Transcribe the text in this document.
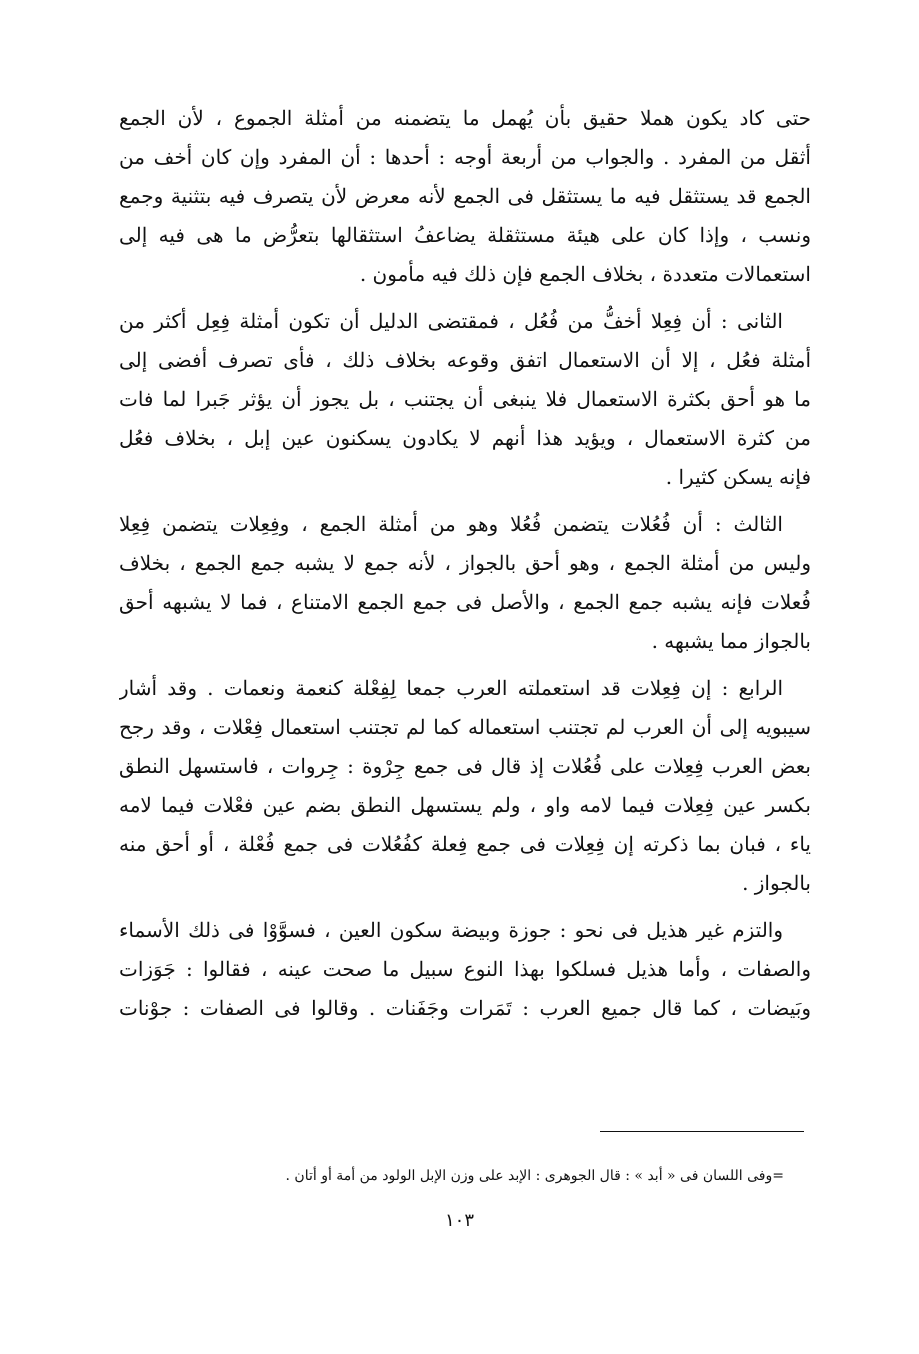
حتى كاد يكون هملا حقيق بأن يُهمل ما يتضمنه من أمثلة الجموع ، لأن الجمع
أثقل من المفرد . والجواب من أربعة أوجه : أحدها : أن المفرد وإن كان أخف من
الجمع قد يستثقل فيه ما يستثقل فى الجمع لأنه معرض لأن يتصرف فيه بتثنية وجمع
ونسب ، وإذا كان على هيئة مستثقلة يضاعفُ استثقالها بتعرُّض ما هى فيه إلى
استعمالات متعددة ، بخلاف الجمع فإن ذلك فيه مأمون .
الثانى : أن فِعِلا أخفُّ من فُعُل ، فمقتضى الدليل أن تكون أمثلة فِعِل أكثر من
أمثلة فعُل ، إلا أن الاستعمال اتفق وقوعه بخلاف ذلك ، فأى تصرف أفضى إلى
ما هو أحق بكثرة الاستعمال فلا ينبغى أن يجتنب ، بل يجوز أن يؤثر جَبرا لما فات
من كثرة الاستعمال ، ويؤيد هذا أنهم لا يكادون يسكنون عين إبل ، بخلاف فعُل
فإنه يسكن كثيرا .
الثالث : أن فُعُلات يتضمن فُعُلا وهو من أمثلة الجمع ، وفِعِلات يتضمن فِعِلا
وليس من أمثلة الجمع ، وهو أحق بالجواز ، لأنه جمع لا يشبه جمع الجمع ، بخلاف
فُعلات فإنه يشبه جمع الجمع ، والأصل فى جمع الجمع الامتناع ، فما لا يشبهه أحق
بالجواز مما يشبهه .
الرابع : إن فِعِلات قد استعملته العرب جمعا لِفِعْلة كنعمة ونعمات . وقد أشار
سيبويه إلى أن العرب لم تجتنب استعماله كما لم تجتنب استعمال فِعْلات ، وقد رجح
بعض العرب فِعِلات على فُعُلات إذ قال فى جمع جِرْوة : جِروات ، فاستسهل النطق
بكسر عين فِعِلات فيما لامه واو ، ولم يستسهل النطق بضم عين فعْلات فيما لامه
ياء ، فبان بما ذكرته إن فِعِلات فى جمع فِعلة كفُعُلات فى جمع فُعْلة ، أو أحق منه
بالجواز .
والتزم غير هذيل فى نحو : جوزة وبيضة سكون العين ، فسوَّوْا فى ذلك الأسماء
والصفات ، وأما هذيل فسلكوا بهذا النوع سبيل ما صحت عينه ، فقالوا : جَوَزات
وبَيضات ، كما قال جميع العرب : تَمَرات وجَفَنات . وقالوا فى الصفات : جوْنات
=وفى اللسان فى « أبد » : قال الجوهرى : الإبد على وزن الإبل الولود من أمة أو أتان .
١٠٣
